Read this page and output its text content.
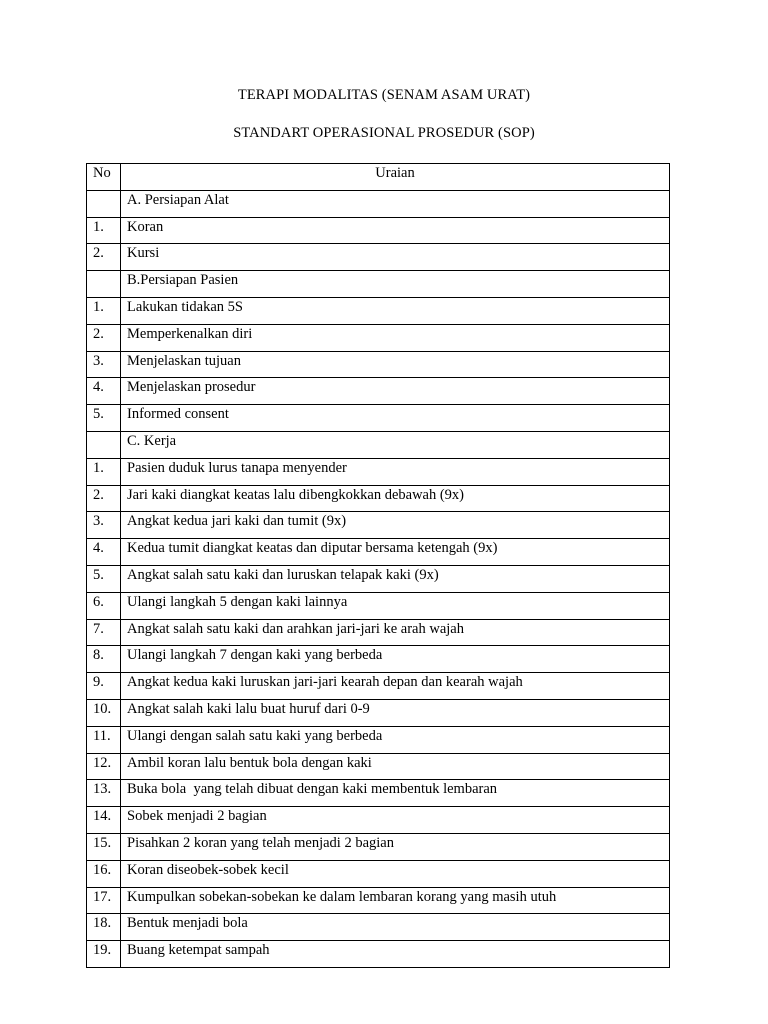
TERAPI MODALITAS (SENAM ASAM URAT)
STANDART OPERASIONAL PROSEDUR (SOP)
No	Uraian
	A. Persiapan Alat
1.	Koran
2.	Kursi
	B.Persiapan Pasien
1.	Lakukan tidakan 5S
2.	Memperkenalkan diri
3.	Menjelaskan tujuan
4.	Menjelaskan prosedur
5.	Informed consent
	C. Kerja
1.	Pasien duduk lurus tanapa menyender
2.	Jari kaki diangkat keatas lalu dibengkokkan debawah (9x)
3.	Angkat kedua jari kaki dan tumit (9x)
4.	Kedua tumit diangkat keatas dan diputar bersama ketengah (9x)
5.	Angkat salah satu kaki dan luruskan telapak kaki (9x)
6.	Ulangi langkah 5 dengan kaki lainnya
7.	Angkat salah satu kaki dan arahkan jari-jari ke arah wajah
8.	Ulangi langkah 7 dengan kaki yang berbeda
9.	Angkat kedua kaki luruskan jari-jari kearah depan dan kearah wajah
10.	Angkat salah kaki lalu buat huruf dari 0-9
11.	Ulangi dengan salah satu kaki yang berbeda
12.	Ambil koran lalu bentuk bola dengan kaki
13.	Buka bola  yang telah dibuat dengan kaki membentuk lembaran
14.	Sobek menjadi 2 bagian
15.	Pisahkan 2 koran yang telah menjadi 2 bagian
16.	Koran diseobek-sobek kecil
17.	Kumpulkan sobekan-sobekan ke dalam lembaran korang yang masih utuh
18.	Bentuk menjadi bola
19.	Buang ketempat sampah
